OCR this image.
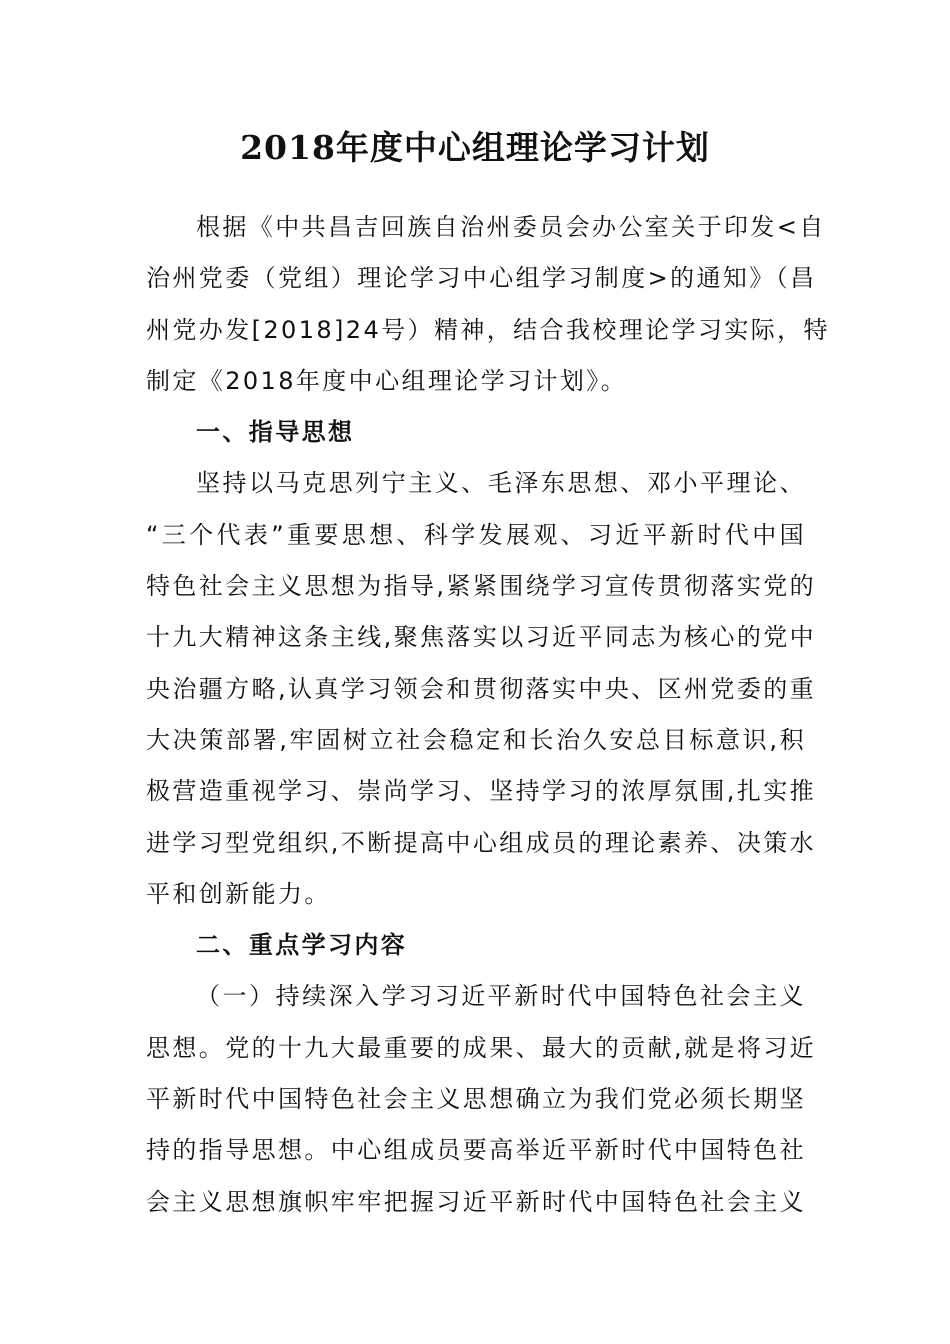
2018年度中心组理论学习计划
根据《中共昌吉回族自治州委员会办公室关于印发<自
治州党委（党组）理论学习中心组学习制度>的通知》（昌
州党办发[2018]24号）精神，结合我校理论学习实际，特
制定《2018年度中心组理论学习计划》。
一、指导思想
坚持以马克思列宁主义、毛泽东思想、邓小平理论、
“三个代表”重要思想、科学发展观、习近平新时代中国
特色社会主义思想为指导,紧紧围绕学习宣传贯彻落实党的
十九大精神这条主线,聚焦落实以习近平同志为核心的党中
央治疆方略,认真学习领会和贯彻落实中央、区州党委的重
大决策部署,牢固树立社会稳定和长治久安总目标意识,积
极营造重视学习、崇尚学习、坚持学习的浓厚氛围,扎实推
进学习型党组织,不断提高中心组成员的理论素养、决策水
平和创新能力。
二、重点学习内容
（一）持续深入学习习近平新时代中国特色社会主义
思想。党的十九大最重要的成果、最大的贡献,就是将习近
平新时代中国特色社会主义思想确立为我们党必须长期坚
持的指导思想。中心组成员要高举近平新时代中国特色社
会主义思想旗帜牢牢把握习近平新时代中国特色社会主义
